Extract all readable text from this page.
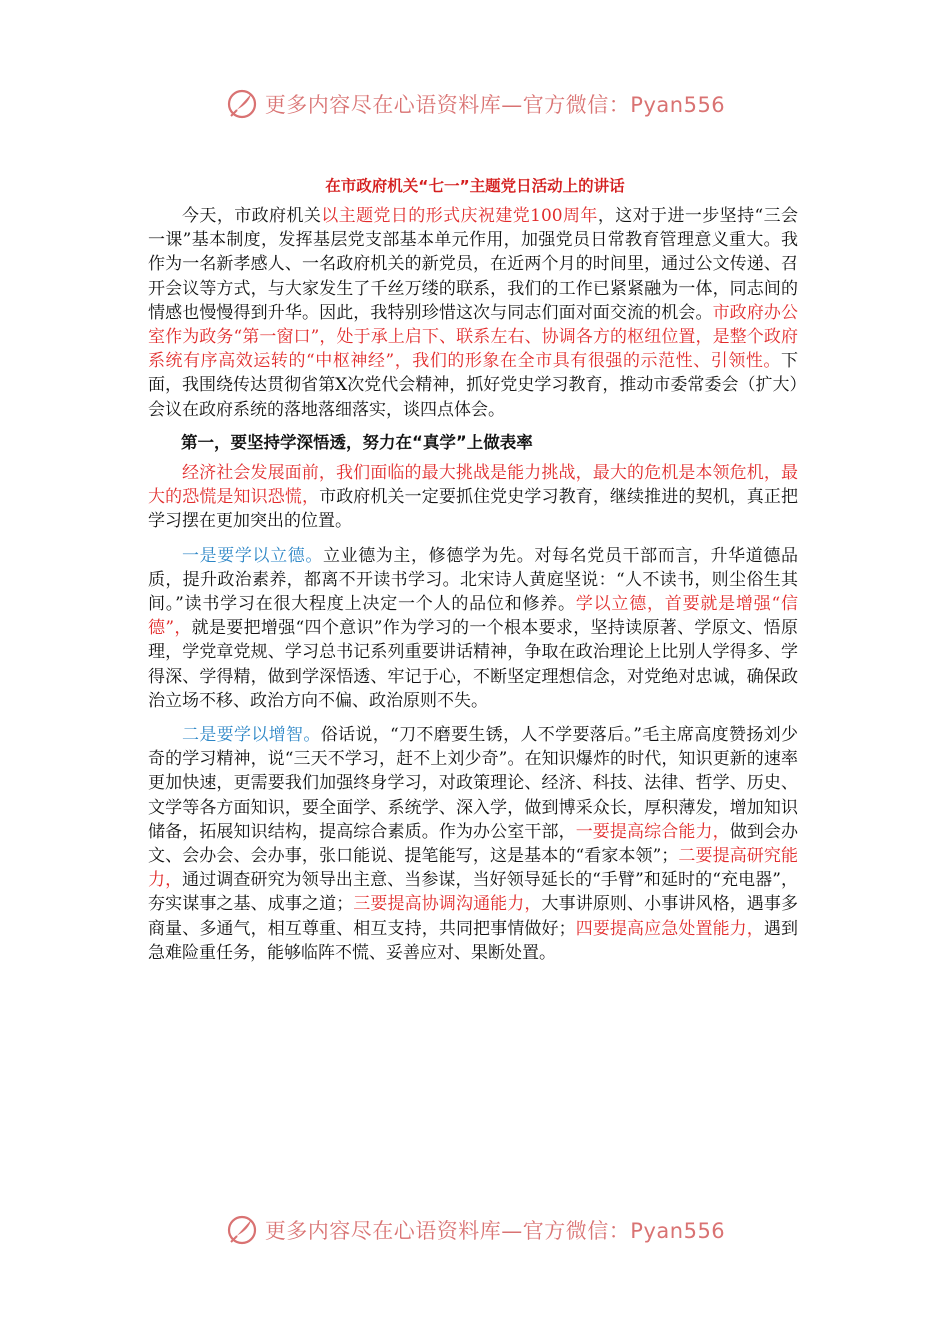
更多内容尽在心语资料库—官方微信：Pyan556
在市政府机关“七一”主题党日活动上的讲话

今天，市政府机关以主题党日的形式庆祝建党100周年，这对于进一步坚持“三会一课”基本制度，发挥基层党支部基本单元作用，加强党员日常教育管理意义重大。我作为一名新孝感人、一名政府机关的新党员，在近两个月的时间里，通过公文传递、召开会议等方式，与大家发生了千丝万缕的联系，我们的工作已紧紧融为一体，同志间的情感也慢慢得到升华。因此，我特别珍惜这次与同志们面对面交流的机会。市政府办公室作为政务“第一窗口”，处于承上启下、联系左右、协调各方的枢纽位置，是整个政府系统有序高效运转的“中枢神经”，我们的形象在全市具有很强的示范性、引领性。下面，我围绕传达贯彻省第X次党代会精神，抓好党史学习教育，推动市委常委会（扩大）会议在政府系统的落地落细落实，谈四点体会。

第一，要坚持学深悟透，努力在“真学”上做表率

经济社会发展面前，我们面临的最大挑战是能力挑战，最大的危机是本领危机，最大的恐慌是知识恐慌，市政府机关一定要抓住党史学习教育，继续推进的契机，真正把学习摆在更加突出的位置。

一是要学以立德。立业德为主，修德学为先。对每名党员干部而言，升华道德品质，提升政治素养，都离不开读书学习。北宋诗人黄庭坚说：“人不读书，则尘俗生其间。”读书学习在很大程度上决定一个人的品位和修养。学以立德，首要就是增强“信德”，就是要把增强“四个意识”作为学习的一个根本要求，坚持读原著、学原文、悟原理，学党章党规、学习总书记系列重要讲话精神，争取在政治理论上比别人学得多、学得深、学得精，做到学深悟透、牢记于心，不断坚定理想信念，对党绝对忠诚，确保政治立场不移、政治方向不偏、政治原则不失。

二是要学以增智。俗话说，“刀不磨要生锈，人不学要落后。”毛主席高度赞扬刘少奇的学习精神，说“三天不学习，赶不上刘少奇”。在知识爆炸的时代，知识更新的速率更加快速，更需要我们加强终身学习，对政策理论、经济、科技、法律、哲学、历史、文学等各方面知识，要全面学、系统学、深入学，做到博采众长，厚积薄发，增加知识储备，拓展知识结构，提高综合素质。作为办公室干部，一要提高综合能力，做到会办文、会办会、会办事，张口能说、提笔能写，这是基本的“看家本领”；二要提高研究能力，通过调查研究为领导出主意、当参谋，当好领导延长的“手臂”和延时的“充电器”，夯实谋事之基、成事之道；三要提高协调沟通能力，大事讲原则、小事讲风格，遇事多商量、多通气，相互尊重、相互支持，共同把事情做好；四要提高应急处置能力，遇到急难险重任务，能够临阵不慌、妥善应对、果断处置。

更多内容尽在心语资料库—官方微信：Pyan556
